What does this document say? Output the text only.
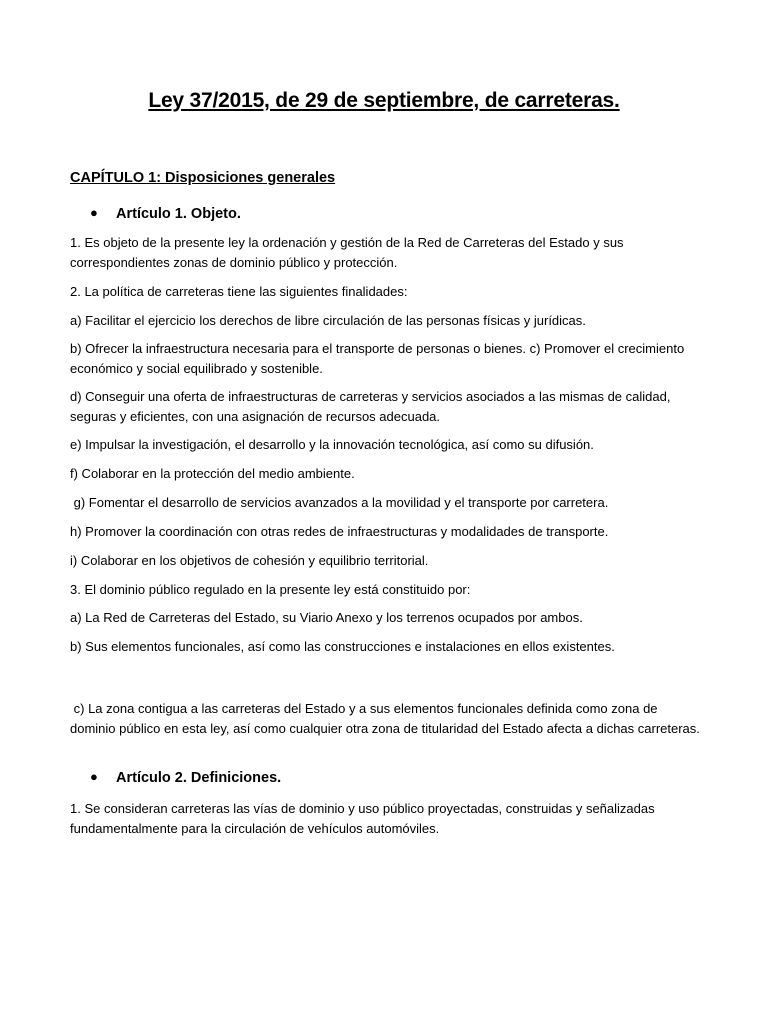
Ley 37/2015, de 29 de septiembre, de carreteras.
CAPÍTULO 1: Disposiciones generales
● Artículo 1. Objeto.
1. Es objeto de la presente ley la ordenación y gestión de la Red de Carreteras del Estado y sus correspondientes zonas de dominio público y protección.
2. La política de carreteras tiene las siguientes finalidades:
a) Facilitar el ejercicio los derechos de libre circulación de las personas físicas y jurídicas.
b) Ofrecer la infraestructura necesaria para el transporte de personas o bienes. c) Promover el crecimiento económico y social equilibrado y sostenible.
d) Conseguir una oferta de infraestructuras de carreteras y servicios asociados a las mismas de calidad, seguras y eficientes, con una asignación de recursos adecuada.
e) Impulsar la investigación, el desarrollo y la innovación tecnológica, así como su difusión.
f) Colaborar en la protección del medio ambiente.
g) Fomentar el desarrollo de servicios avanzados a la movilidad y el transporte por carretera.
h) Promover la coordinación con otras redes de infraestructuras y modalidades de transporte.
i) Colaborar en los objetivos de cohesión y equilibrio territorial.
3. El dominio público regulado en la presente ley está constituido por:
a) La Red de Carreteras del Estado, su Viario Anexo y los terrenos ocupados por ambos.
b) Sus elementos funcionales, así como las construcciones e instalaciones en ellos existentes.
c) La zona contigua a las carreteras del Estado y a sus elementos funcionales definida como zona de dominio público en esta ley, así como cualquier otra zona de titularidad del Estado afecta a dichas carreteras.
● Artículo 2. Definiciones.
1. Se consideran carreteras las vías de dominio y uso público proyectadas, construidas y señalizadas fundamentalmente para la circulación de vehículos automóviles.
